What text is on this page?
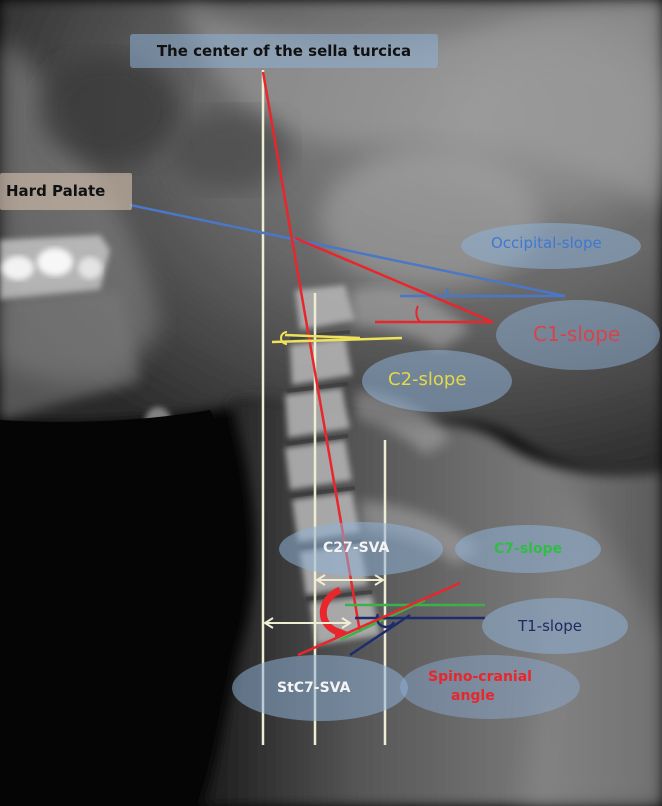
The center of the sella turcica
Hard Palate
Occipital-slope
C1-slope
C2-slope
C27-SVA	C7-slope
T1-slope
StC7-SVA
Spino-cranial
angle
